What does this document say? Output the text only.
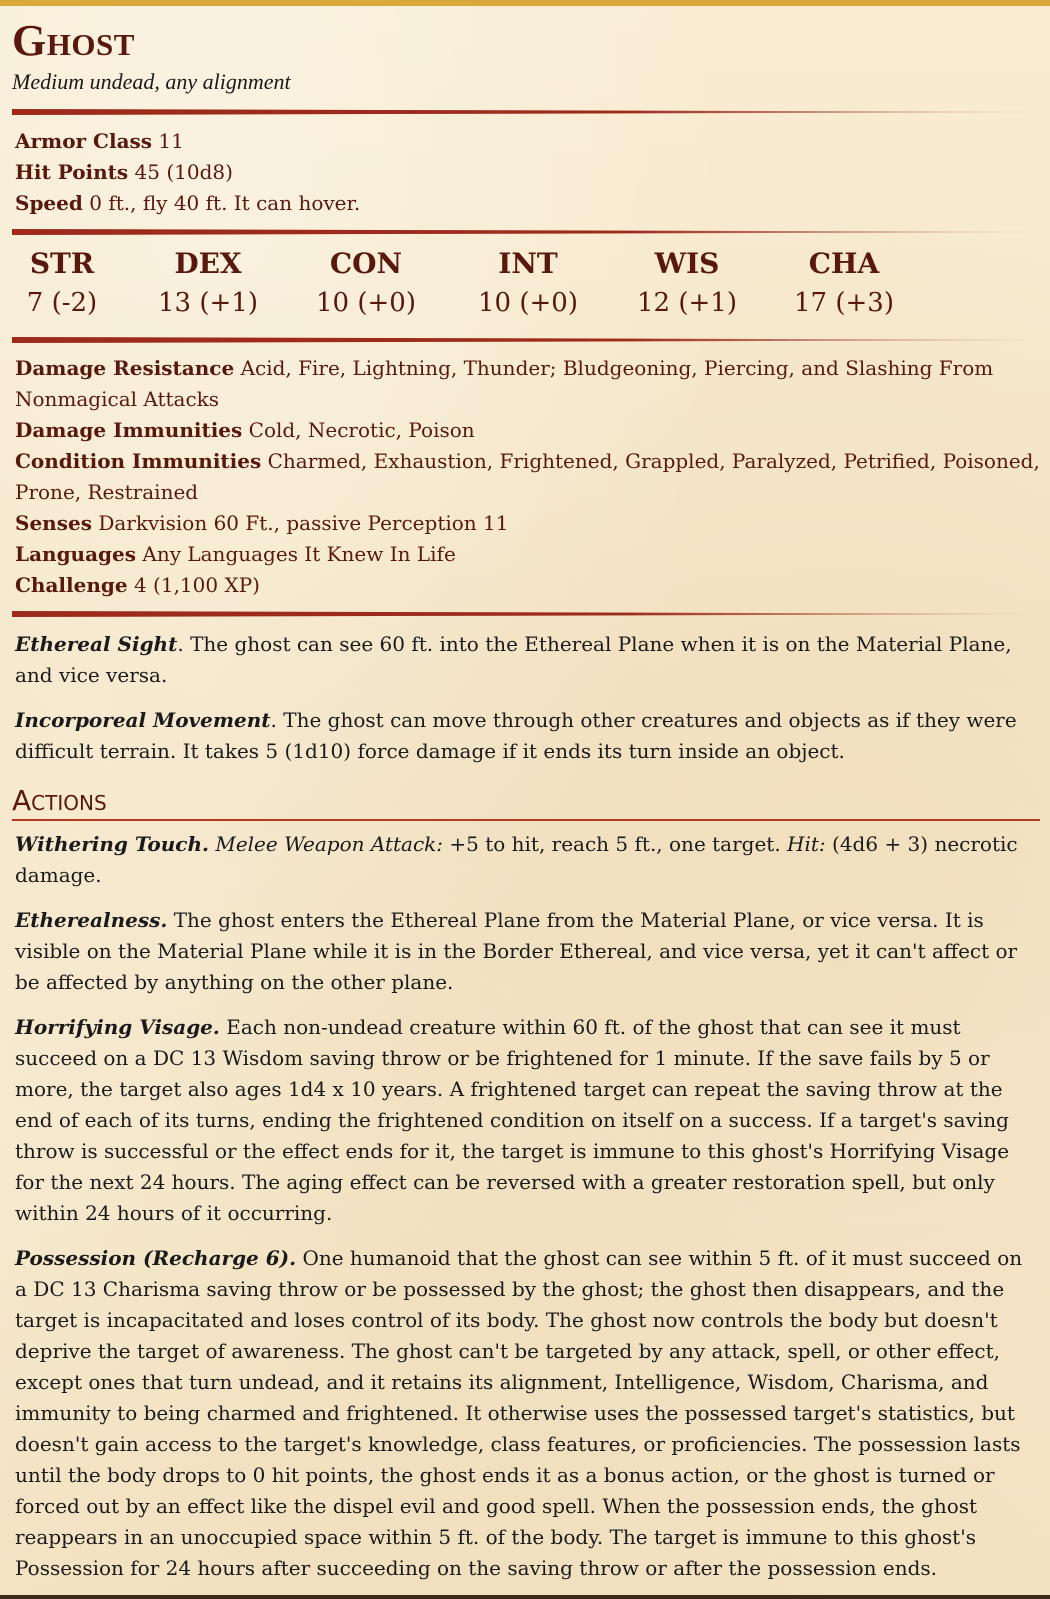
Ghost
Medium undead, any alignment
Armor Class 11
Hit Points 45 (10d8)
Speed 0 ft., fly 40 ft. It can hover.
STR
7 (-2)
DEX
13 (+1)
CON
10 (+0)
INT
10 (+0)
WIS
12 (+1)
CHA
17 (+3)
Damage Resistance Acid, Fire, Lightning, Thunder; Bludgeoning, Piercing, and Slashing From Nonmagical Attacks
Damage Immunities Cold, Necrotic, Poison
Condition Immunities Charmed, Exhaustion, Frightened, Grappled, Paralyzed, Petrified, Poisoned, Prone, Restrained
Senses Darkvision 60 Ft., passive Perception 11
Languages Any Languages It Knew In Life
Challenge 4 (1,100 XP)

Ethereal Sight. The ghost can see 60 ft. into the Ethereal Plane when it is on the Material Plane, and vice versa.

Incorporeal Movement. The ghost can move through other creatures and objects as if they were difficult terrain. It takes 5 (1d10) force damage if it ends its turn inside an object.

Actions

Withering Touch. Melee Weapon Attack: +5 to hit, reach 5 ft., one target. Hit: (4d6 + 3) necrotic damage.

Etherealness. The ghost enters the Ethereal Plane from the Material Plane, or vice versa. It is visible on the Material Plane while it is in the Border Ethereal, and vice versa, yet it can't affect or be affected by anything on the other plane.

Horrifying Visage. Each non-undead creature within 60 ft. of the ghost that can see it must succeed on a DC 13 Wisdom saving throw or be frightened for 1 minute. If the save fails by 5 or more, the target also ages 1d4 x 10 years. A frightened target can repeat the saving throw at the end of each of its turns, ending the frightened condition on itself on a success. If a target's saving throw is successful or the effect ends for it, the target is immune to this ghost's Horrifying Visage for the next 24 hours. The aging effect can be reversed with a greater restoration spell, but only within 24 hours of it occurring.

Possession (Recharge 6). One humanoid that the ghost can see within 5 ft. of it must succeed on a DC 13 Charisma saving throw or be possessed by the ghost; the ghost then disappears, and the target is incapacitated and loses control of its body. The ghost now controls the body but doesn't deprive the target of awareness. The ghost can't be targeted by any attack, spell, or other effect, except ones that turn undead, and it retains its alignment, Intelligence, Wisdom, Charisma, and immunity to being charmed and frightened. It otherwise uses the possessed target's statistics, but doesn't gain access to the target's knowledge, class features, or proficiencies. The possession lasts until the body drops to 0 hit points, the ghost ends it as a bonus action, or the ghost is turned or forced out by an effect like the dispel evil and good spell. When the possession ends, the ghost reappears in an unoccupied space within 5 ft. of the body. The target is immune to this ghost's Possession for 24 hours after succeeding on the saving throw or after the possession ends.
